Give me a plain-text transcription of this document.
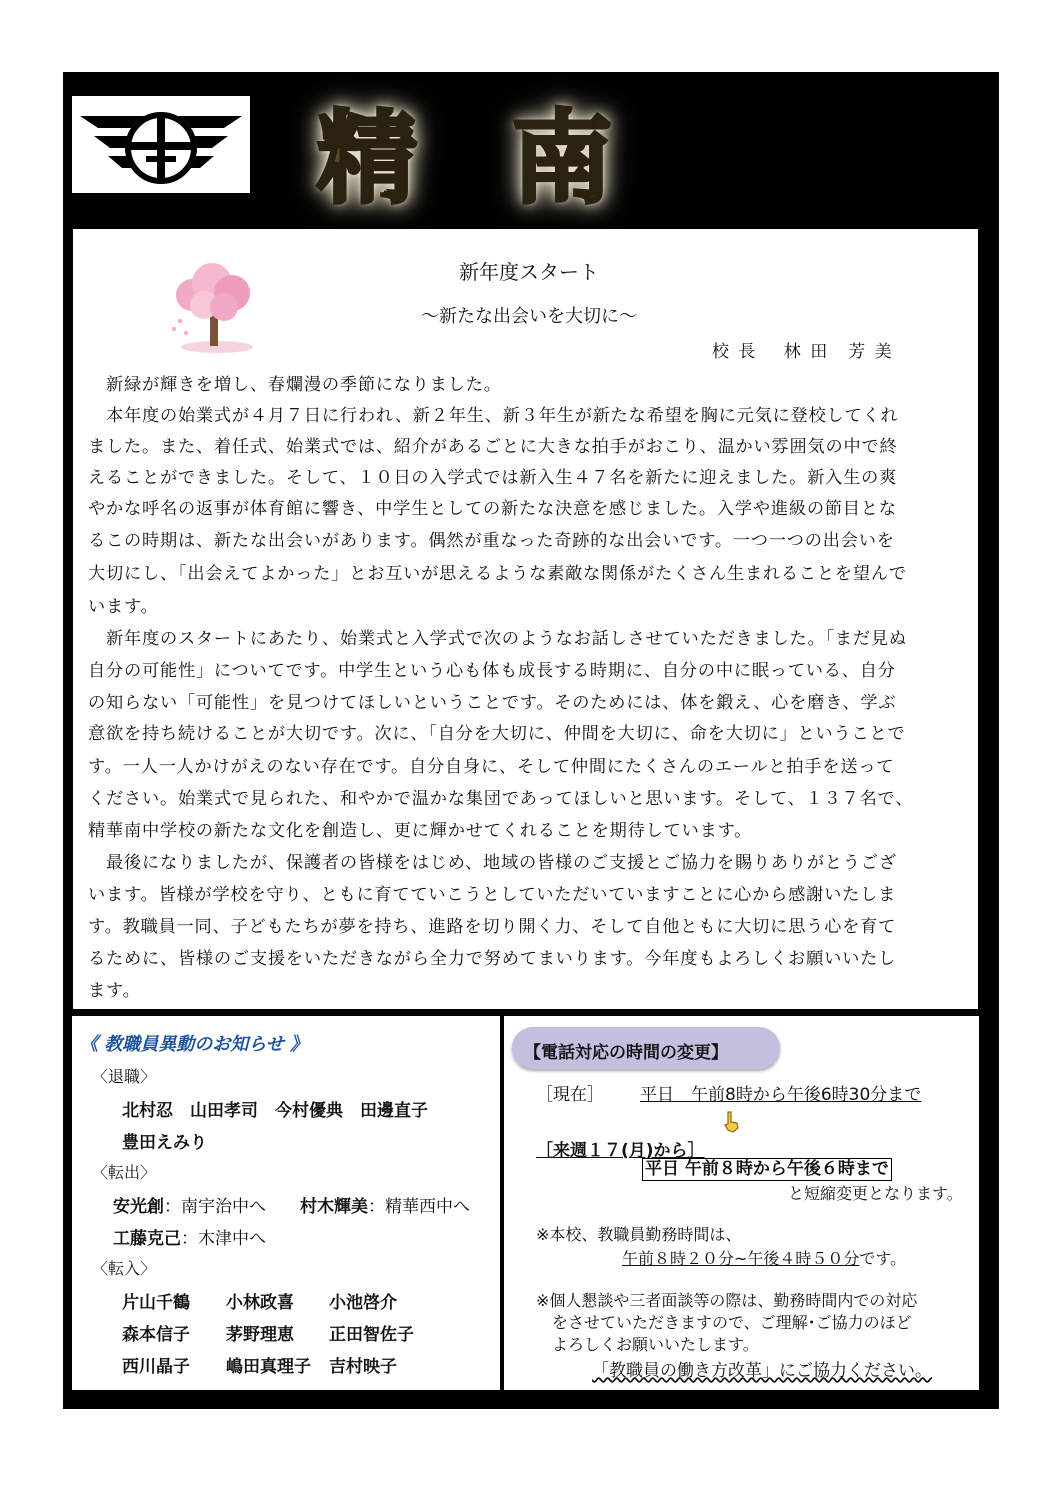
精 南
新年度スタート
～新たな出会いを大切に～
校 長　 林 田　芳 美
　新緑が輝きを増し、春爛漫の季節になりました。
　本年度の始業式が４月７日に行われ、新２年生、新３年生が新たな希望を胸に元気に登校してくれ
ました。また、着任式、始業式では、紹介があるごとに大きな拍手がおこり、温かい雰囲気の中で終
えることができました。そして、１０日の入学式では新入生４７名を新たに迎えました。新入生の爽
やかな呼名の返事が体育館に響き、中学生としての新たな決意を感じました。入学や進級の節目とな
るこの時期は、新たな出会いがあります。偶然が重なった奇跡的な出会いです。一つ一つの出会いを
大切にし、「出会えてよかった」とお互いが思えるような素敵な関係がたくさん生まれることを望んで
います。
　新年度のスタートにあたり、始業式と入学式で次のようなお話しさせていただきました。「まだ見ぬ
自分の可能性」についてです。中学生という心も体も成長する時期に、自分の中に眠っている、自分
の知らない「可能性」を見つけてほしいということです。そのためには、体を鍛え、心を磨き、学ぶ
意欲を持ち続けることが大切です。次に、「自分を大切に、仲間を大切に、命を大切に」ということで
す。一人一人かけがえのない存在です。自分自身に、そして仲間にたくさんのエールと拍手を送って
ください。始業式で見られた、和やかで温かな集団であってほしいと思います。そして、１３７名で、
精華南中学校の新たな文化を創造し、更に輝かせてくれることを期待しています。
　最後になりましたが、保護者の皆様をはじめ、地域の皆様のご支援とご協力を賜りありがとうござ
います。皆様が学校を守り、ともに育てていこうとしていただいていますことに心から感謝いたしま
す。教職員一同、子どもたちが夢を持ち、進路を切り開く力、そして自他ともに大切に思う心を育て
るために、皆様のご支援をいただきながら全力で努めてまいります。今年度もよろしくお願いいたし
ます。
《 教職員異動のお知らせ 》
〈退職〉
北村忍　山田孝司　今村優典　田邊直子
豊田えみり
〈転出〉
安光創：南宇治中へ 村木輝美：精華西中へ
工藤克己：木津中へ
〈転入〉
片山千鶴 小林政喜 小池啓介
森本信子 茅野理恵 正田智佐子
西川晶子 嶋田真理子 吉村映子
【電話対応の時間の変更】
［現在］ 平日　午前8時から午後6時30分まで
［来週１７(月)から］
平日 午前８時から午後６時まで
と短縮変更となります。
※本校、教職員勤務時間は、
午前８時２０分~午後４時５０分です。
※個人懇談や三者面談等の際は、勤務時間内での対応
をさせていただきますので、ご理解･ご協力のほど
よろしくお願いいたします。
「教職員の働き方改革」にご協力ください。
